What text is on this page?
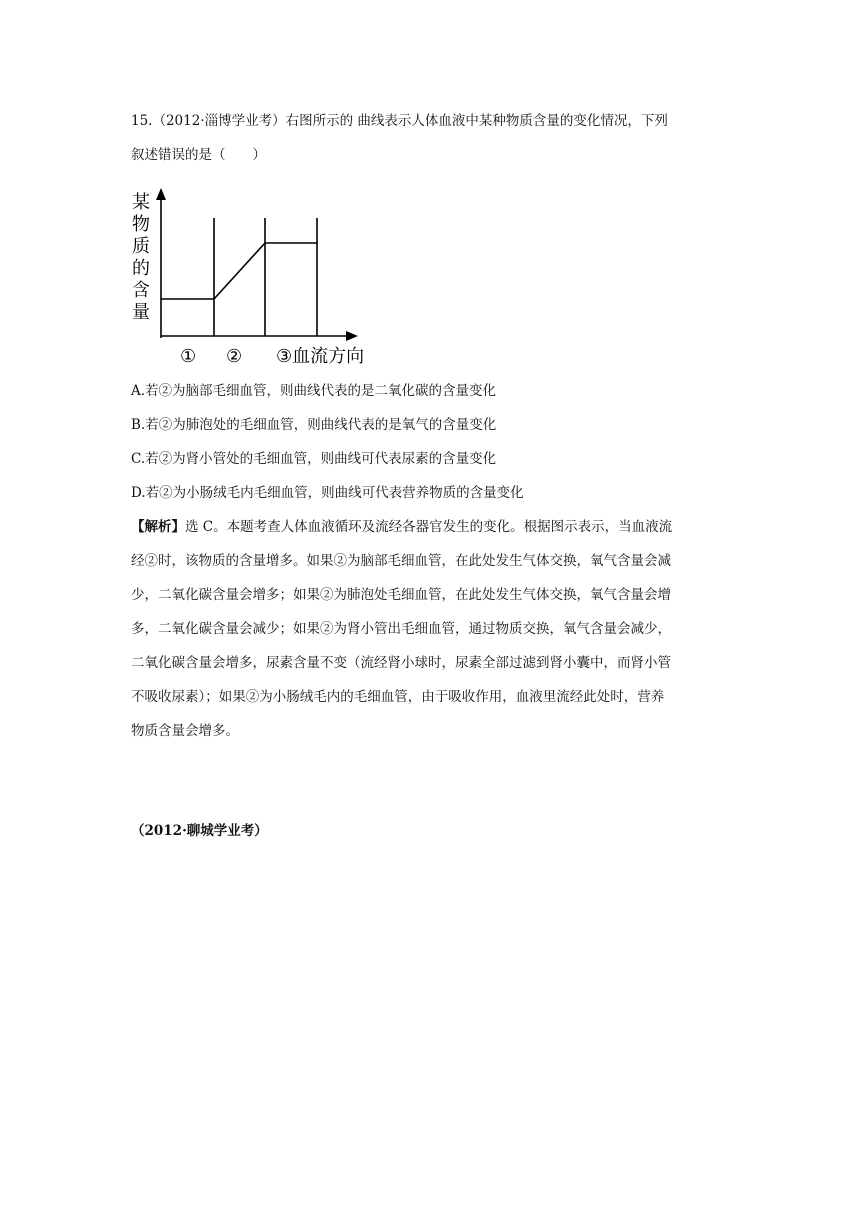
15.（2012·淄博学业考）右图所示的 曲线表示人体血液中某种物质含量的变化情况，下列
叙述错误的是（　　）
某
物
质
的
含
量
① ② ③血流方向
A.若②为脑部毛细血管，则曲线代表的是二氧化碳的含量变化
B.若②为肺泡处的毛细血管，则曲线代表的是氧气的含量变化
C.若②为肾小管处的毛细血管，则曲线可代表尿素的含量变化
D.若②为小肠绒毛内毛细血管，则曲线可代表营养物质的含量变化
【解析】选 C。本题考查人体血液循环及流经各器官发生的变化。根据图示表示，当血液流
经②时，该物质的含量增多。如果②为脑部毛细血管，在此处发生气体交换，氧气含量会减
少，二氧化碳含量会增多；如果②为肺泡处毛细血管，在此处发生气体交换，氧气含量会增
多，二氧化碳含量会减少；如果②为肾小管出毛细血管，通过物质交换，氧气含量会减少，
二氧化碳含量会增多，尿素含量不变（流经肾小球时，尿素全部过滤到肾小囊中，而肾小管
不吸收尿素）；如果②为小肠绒毛内的毛细血管，由于吸收作用，血液里流经此处时，营养
物质含量会增多。
（2012·聊城学业考）
